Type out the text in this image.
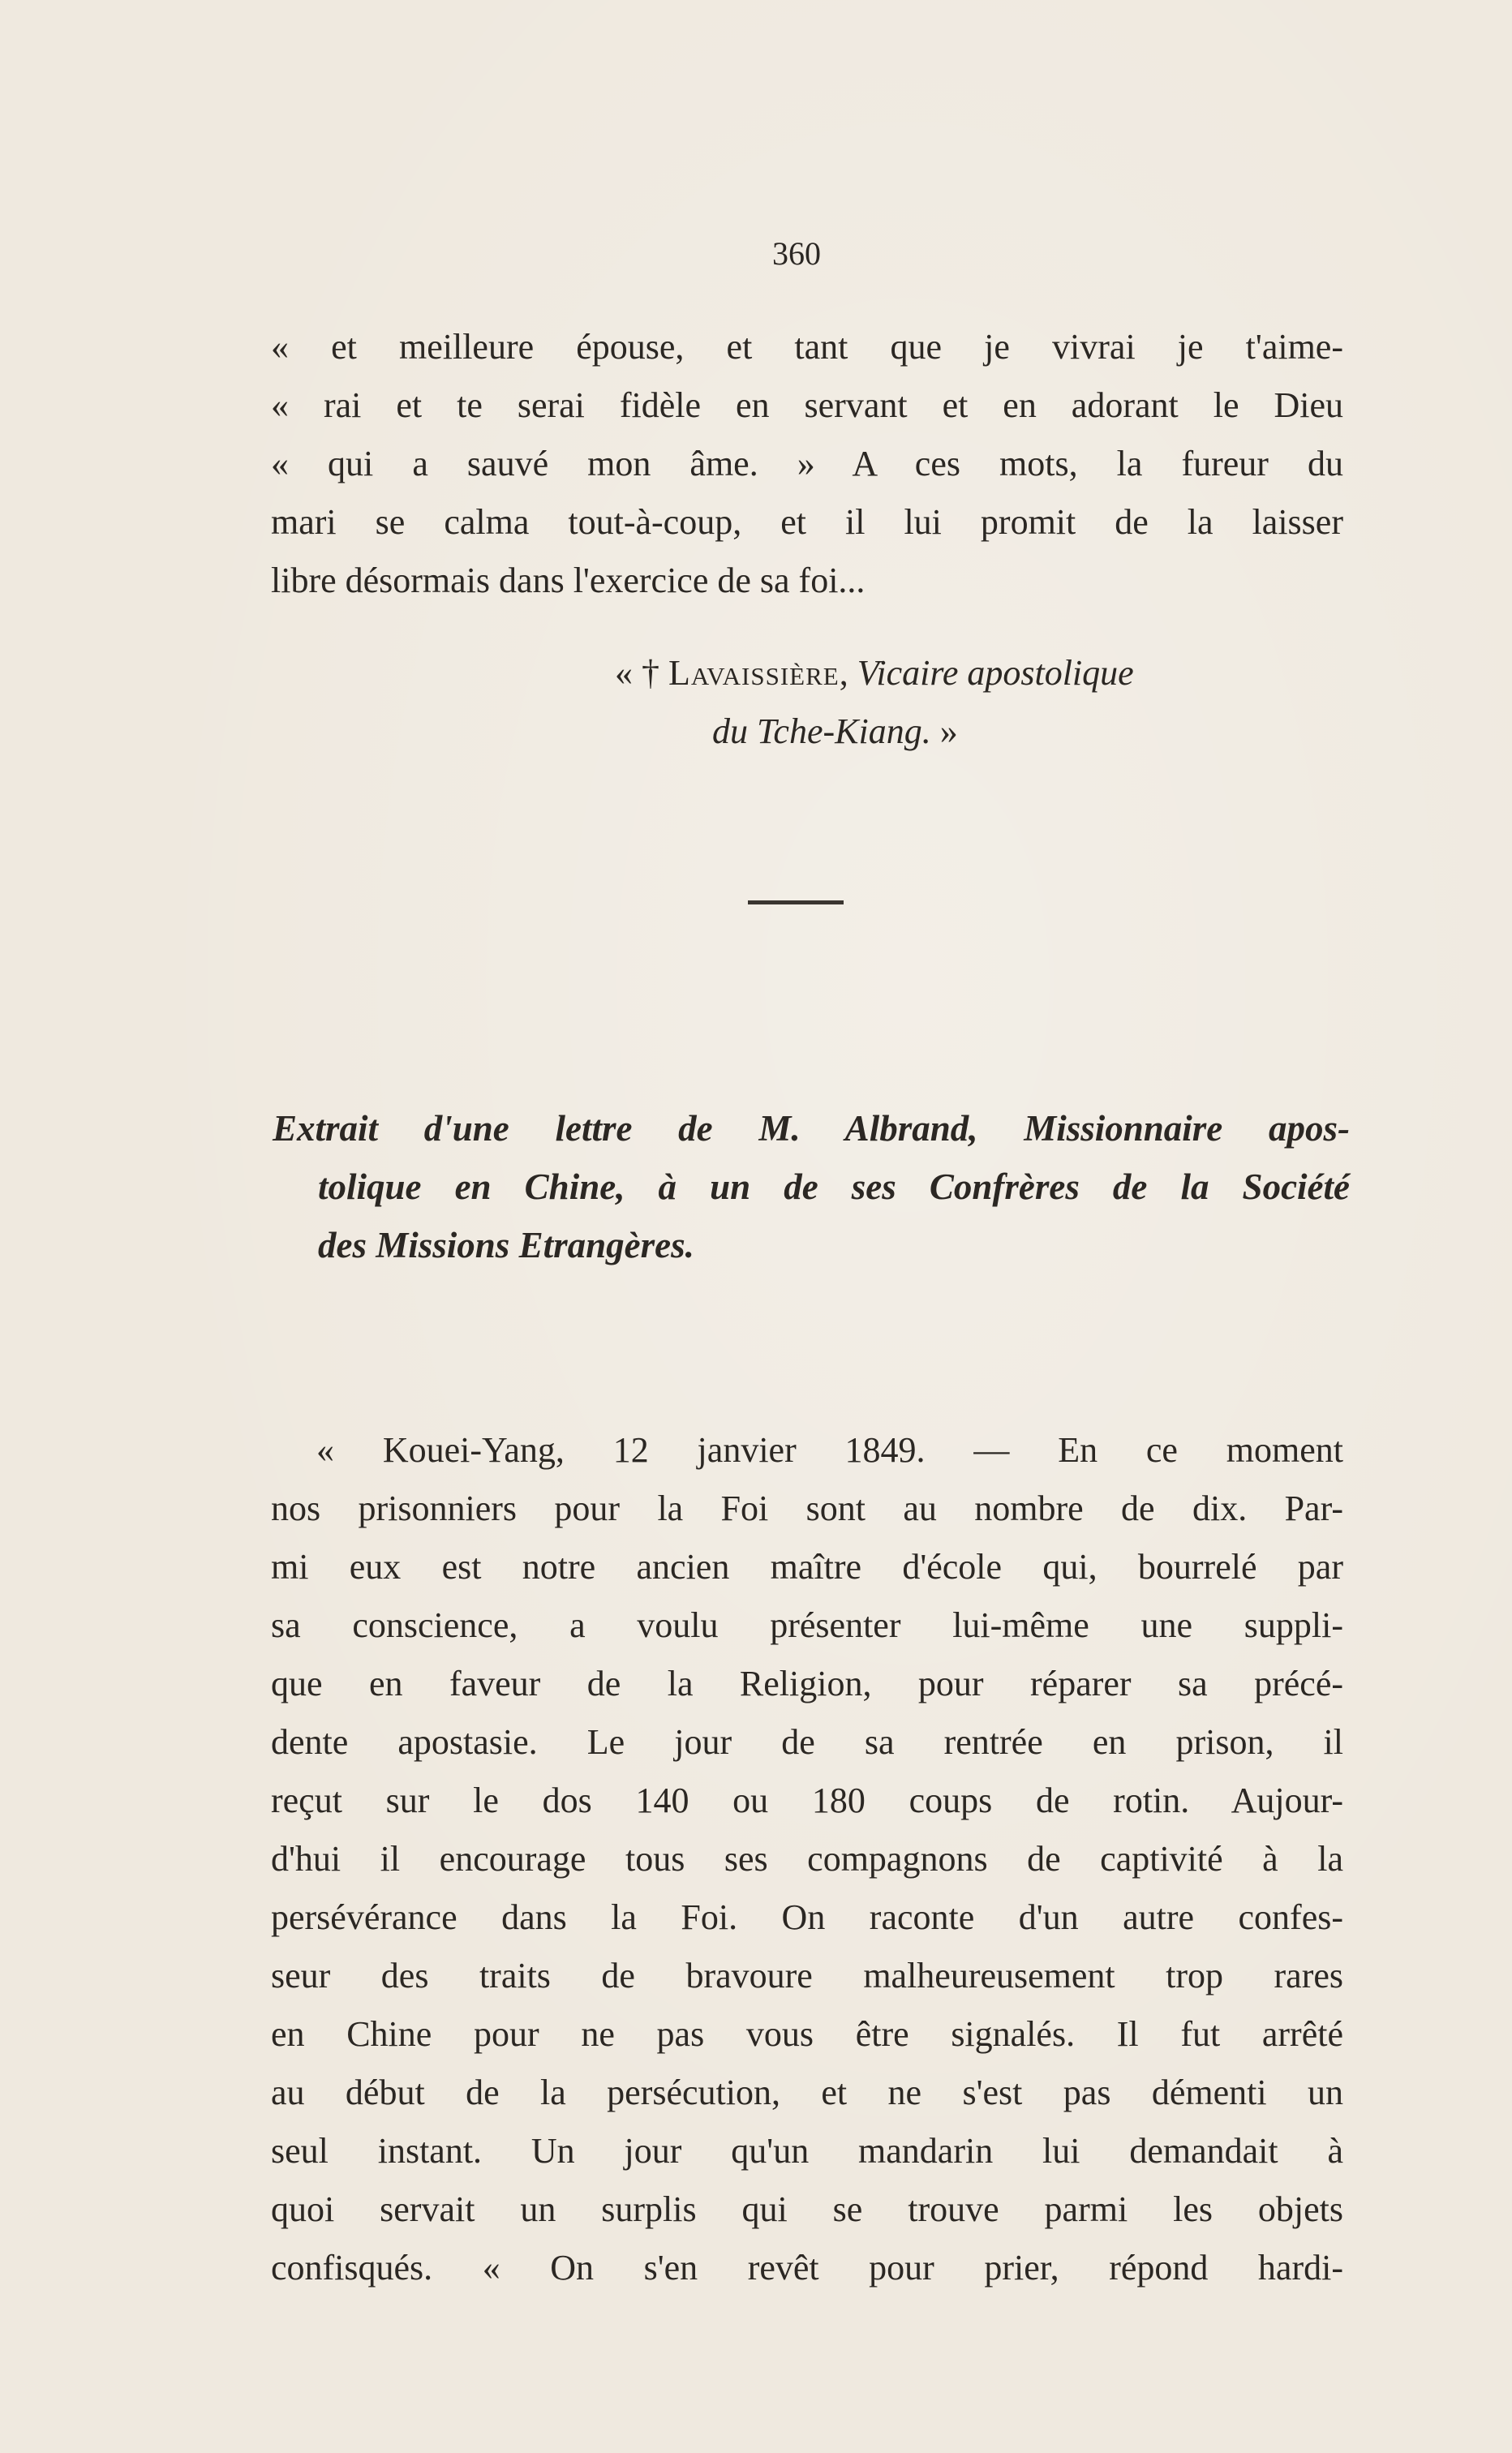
360
« et meilleure épouse, et tant que je vivrai je t'aime-
« rai et te serai fidèle en servant et en adorant le Dieu
« qui a sauvé mon âme. » A ces mots, la fureur du
mari se calma tout-à-coup, et il lui promit de la laisser
libre désormais dans l'exercice de sa foi...
« † Lavaissière, Vicaire apostolique
du Tche-Kiang. »
Extrait d'une lettre de M. Albrand, Missionnaire apos-
tolique en Chine, à un de ses Confrères de la Société
des Missions Etrangères.
« Kouei-Yang, 12 janvier 1849. — En ce moment
nos prisonniers pour la Foi sont au nombre de dix. Par-
mi eux est notre ancien maître d'école qui, bourrelé par
sa conscience, a voulu présenter lui-même une suppli-
que en faveur de la Religion, pour réparer sa précé-
dente apostasie. Le jour de sa rentrée en prison, il
reçut sur le dos 140 ou 180 coups de rotin. Aujour-
d'hui il encourage tous ses compagnons de captivité à la
persévérance dans la Foi. On raconte d'un autre confes-
seur des traits de bravoure malheureusement trop rares
en Chine pour ne pas vous être signalés. Il fut arrêté
au début de la persécution, et ne s'est pas démenti un
seul instant. Un jour qu'un mandarin lui demandait à
quoi servait un surplis qui se trouve parmi les objets
confisqués. « On s'en revêt pour prier, répond hardi-
